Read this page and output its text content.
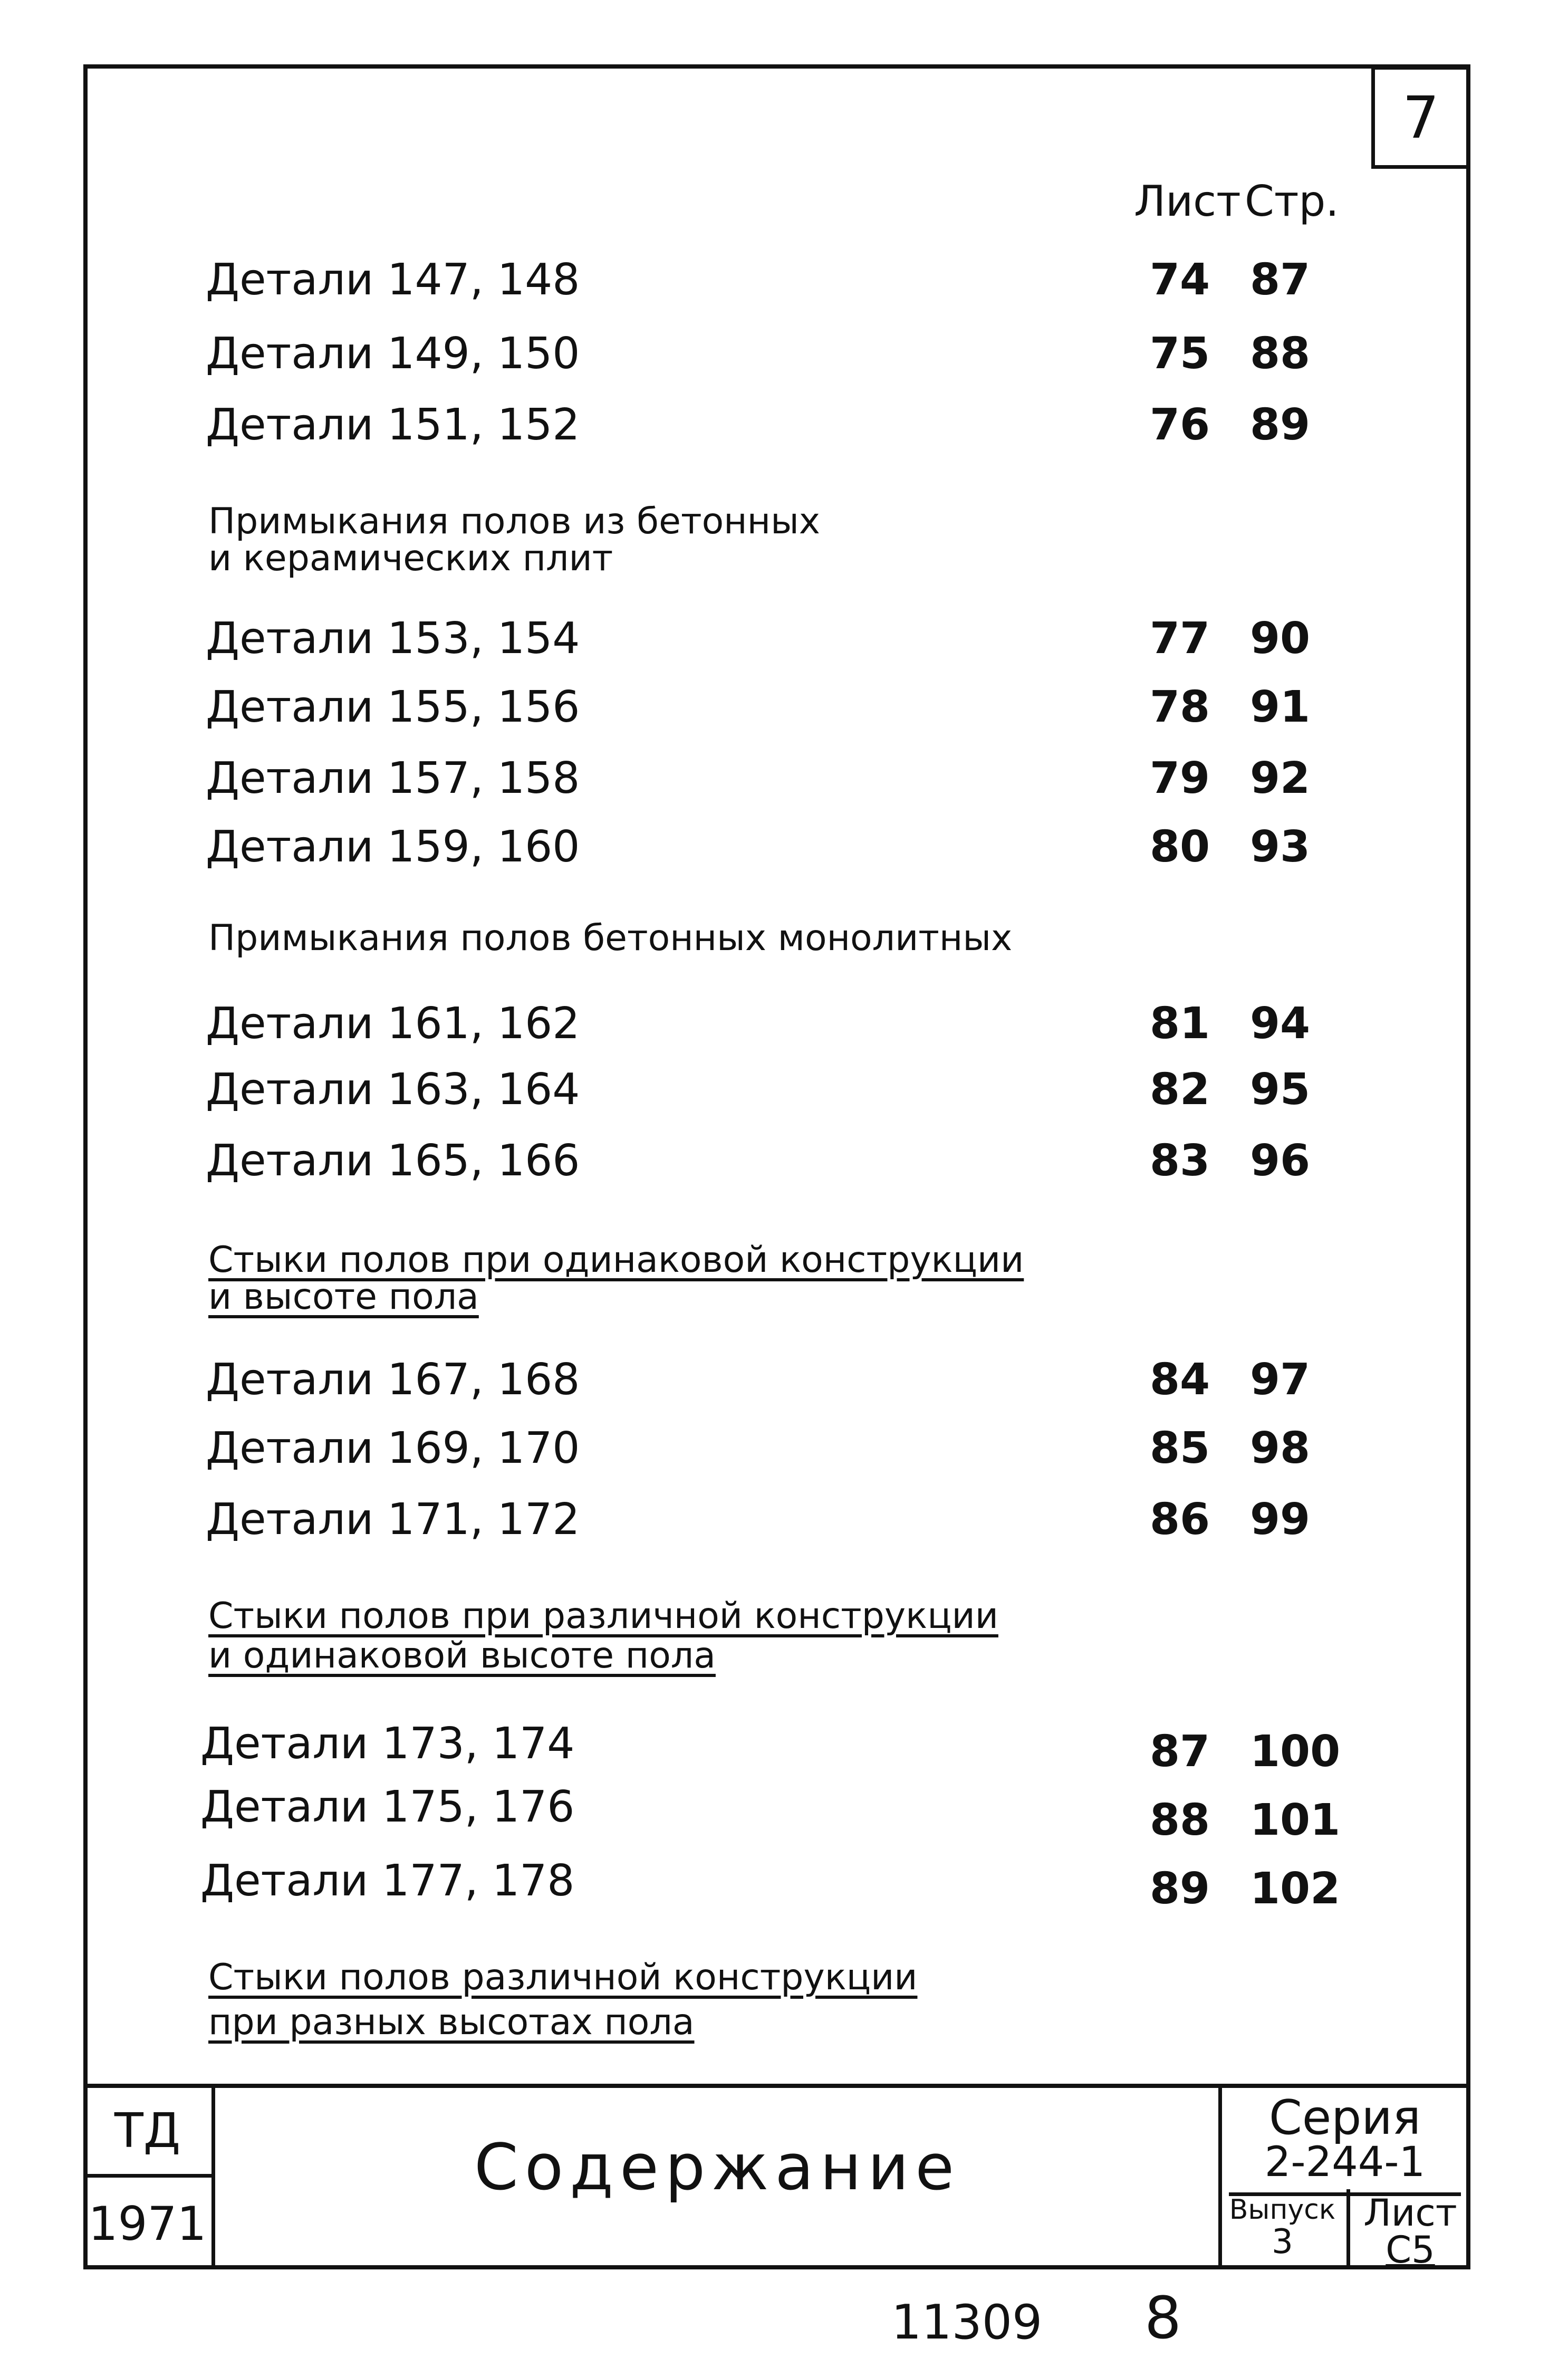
7
Лист Стр.
Детали 147, 148	74 87
Детали 149, 150	75 88
Детали 151, 152	76 89
Примыкания полов из бетонных
и керамических плит
Детали 153, 154	77 90
Детали 155, 156	78 91
Детали 157, 158	79 92
Детали 159, 160	80 93
Примыкания полов бетонных монолитных
Детали 161, 162	81 94
Детали 163, 164	82 95
Детали 165, 166	83 96
Стыки полов при одинаковой конструкции
и высоте пола
Детали 167, 168	84 97
Детали 169, 170	85 98
Детали 171, 172	86 99
Стыки полов при различной конструкции
и одинаковой высоте пола
Детали 173, 174	87 100
Детали 175, 176	88 101
Детали 177, 178	89 102
Стыки полов различной конструкции
при разных высотах пола
ТД
1971
Содержание
Серия
2-244-1
Выпуск
3
Лист
С5
11309 8
